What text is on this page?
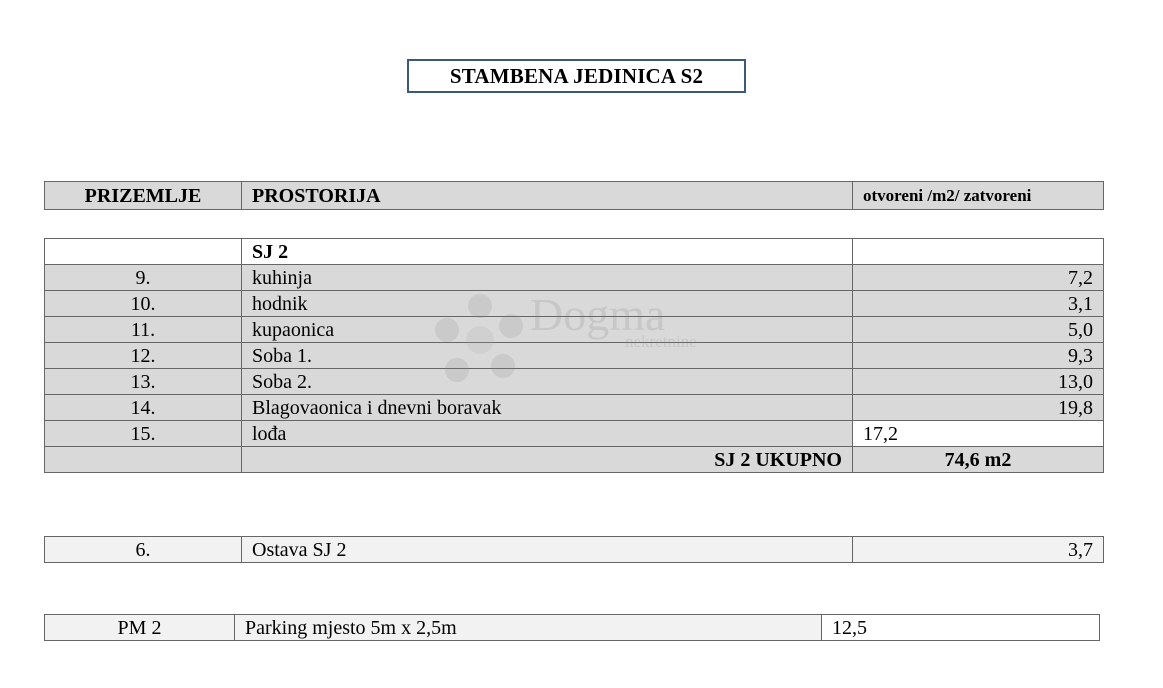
STAMBENA JEDINICA S2
PRIZEMLJE	PROSTORIJA	otvoreni /m2/ zatvoreni
	SJ 2	
9.	kuhinja	7,2
10.	hodnik	3,1
11.	kupaonica	5,0
12.	Soba 1.	9,3
13.	Soba 2.	13,0
14.	Blagovaonica i dnevni boravak	19,8
15.	lođa	17,2
	SJ 2 UKUPNO	74,6 m2
6.	Ostava SJ 2	3,7
PM 2	Parking mjesto 5m x 2,5m	12,5
